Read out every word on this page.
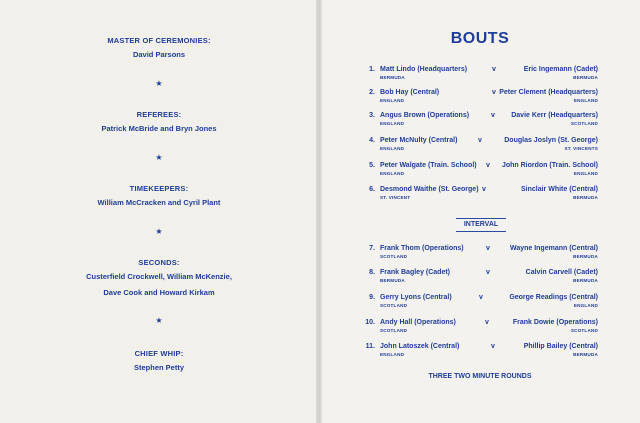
MASTER OF CEREMONIES:
David Parsons
★
REFEREES:
Patrick McBride and Bryn Jones
★
TIMEKEEPERS:
William McCracken and Cyril Plant
★
SECONDS:
Custerfield Crockwell, William McKenzie,
Dave Cook and Howard Kirkam
★
CHIEF WHIP:
Stephen Petty
BOUTS
1. Matt Lindo (Headquarters)	v	Eric Ingemann (Cadet)
BERMUDA	BERMUDA
2. Bob Hay (Central)	v Peter Clement (Headquarters)
ENGLAND	ENGLAND
3. Angus Brown (Operations)	v Davie Kerr (Headquarters)
ENGLAND	SCOTLAND
4. Peter McNulty (Central)	v	Douglas Joslyn (St. George)
ENGLAND	ST. VINCENTS
5. Peter Walgate (Train. School) v John Riordon (Train. School)
ENGLAND	ENGLAND
6. Desmond Waithe (St. George) v	Sinclair White (Central)
ST. VINCENT	BERMUDA
INTERVAL
7. Frank Thom (Operations)	v	Wayne Ingemann (Central)
SCOTLAND	BERMUDA
8. Frank Bagley (Cadet)	v	Calvin Carvell (Cadet)
BERMUDA	BERMUDA
9. Gerry Lyons (Central)	v	George Readings (Central)
SCOTLAND	ENGLAND
10. Andy Hall (Operations)	v	Frank Dowie (Operations)
SCOTLAND	SCOTLAND
11. John Latoszek (Central)	v	Phillip Bailey (Central)
ENGLAND	BERMUDA
THREE TWO MINUTE ROUNDS
